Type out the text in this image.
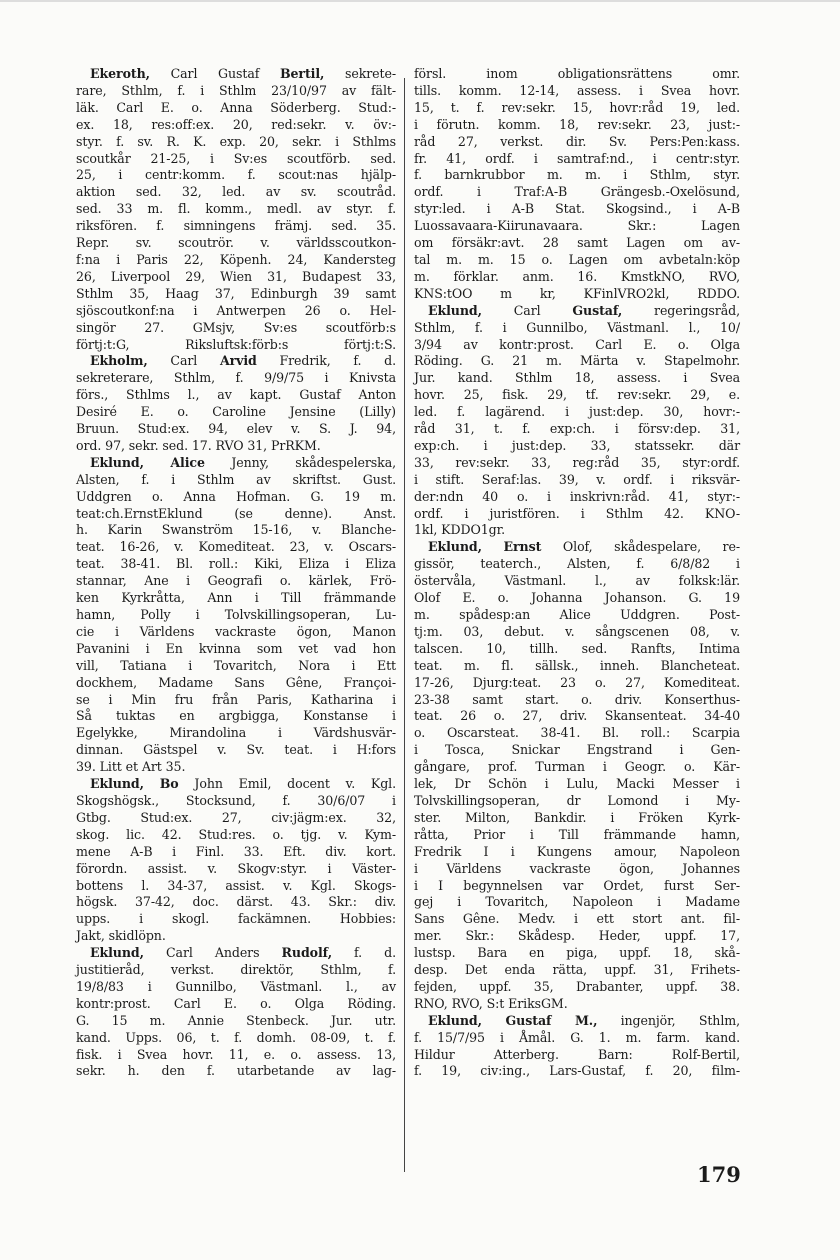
Ekeroth, Carl Gustaf Bertil, sekrete-
rare, Sthlm, f. i Sthlm 23/10/97 av fält-
läk. Carl E. o. Anna Söderberg. Stud:-
ex. 18, res:off:ex. 20, red:sekr. v. öv:-
styr. f. sv. R. K. exp. 20, sekr. i Sthlms
scoutkår 21-25, i Sv:es scoutförb. sed.
25, i centr:komm. f. scout:nas hjälp-
aktion sed. 32, led. av sv. scoutråd.
sed. 33 m. fl. komm., medl. av styr. f.
riksfören. f. simningens främj. sed. 35.
Repr. sv. scoutrör. v. världsscoutkon-
f:na i Paris 22, Köpenh. 24, Kandersteg
26, Liverpool 29, Wien 31, Budapest 33,
Sthlm 35, Haag 37, Edinburgh 39 samt
sjöscoutkonf:na i Antwerpen 26 o. Hel-
singör 27. GMsjv, Sv:es scoutförb:s
förtj:t:G, Riksluftsk:förb:s förtj:t:S.
Ekholm, Carl Arvid Fredrik, f. d.
sekreterare, Sthlm, f. 9/9/75 i Knivsta
förs., Sthlms l., av kapt. Gustaf Anton
Desiré E. o. Caroline Jensine (Lilly)
Bruun. Stud:ex. 94, elev v. S. J. 94,
ord. 97, sekr. sed. 17. RVO 31, PrRKM.
Eklund, Alice Jenny, skådespelerska,
Alsten, f. i Sthlm av skriftst. Gust.
Uddgren o. Anna Hofman. G. 19 m.
teat:ch.ErnstEklund (se denne). Anst.
h. Karin Swanström 15-16, v. Blanche-
teat. 16-26, v. Komediteat. 23, v. Oscars-
teat. 38-41. Bl. roll.: Kiki, Eliza i Eliza
stannar, Ane i Geografi o. kärlek, Frö-
ken Kyrkråtta, Ann i Till främmande
hamn, Polly i Tolvskillingsoperan, Lu-
cie i Världens vackraste ögon, Manon
Pavanini i En kvinna som vet vad hon
vill, Tatiana i Tovaritch, Nora i Ett
dockhem, Madame Sans Gêne, Françoi-
se i Min fru från Paris, Katharina i
Så tuktas en argbigga, Konstanse i
Egelykke, Mirandolina i Värdshusvär-
dinnan. Gästspel v. Sv. teat. i H:fors
39. Litt et Art 35.
Eklund, Bo John Emil, docent v. Kgl.
Skogshögsk., Stocksund, f. 30/6/07 i
Gtbg. Stud:ex. 27, civ:jägm:ex. 32,
skog. lic. 42. Stud:res. o. tjg. v. Kym-
mene A-B i Finl. 33. Eft. div. kort.
förordn. assist. v. Skogv:styr. i Väster-
bottens l. 34-37, assist. v. Kgl. Skogs-
högsk. 37-42, doc. därst. 43. Skr.: div.
upps. i skogl. fackämnen. Hobbies:
Jakt, skidlöpn.
Eklund, Carl Anders Rudolf, f. d.
justitieråd, verkst. direktör, Sthlm, f.
19/8/83 i Gunnilbo, Västmanl. l., av
kontr:prost. Carl E. o. Olga Röding.
G. 15 m. Annie Stenbeck. Jur. utr.
kand. Upps. 06, t. f. domh. 08-09, t. f.
fisk. i Svea hovr. 11, e. o. assess. 13,
sekr. h. den f. utarbetande av lag-
försl. inom obligationsrättens omr.
tills. komm. 12-14, assess. i Svea hovr.
15, t. f. rev:sekr. 15, hovr:råd 19, led.
i förutn. komm. 18, rev:sekr. 23, just:-
råd 27, verkst. dir. Sv. Pers:Pen:kass.
fr. 41, ordf. i samtraf:nd., i centr:styr.
f. barnkrubbor m. m. i Sthlm, styr.
ordf. i Traf:A-B Grängesb.-Oxelösund,
styr:led. i A-B Stat. Skogsind., i A-B
Luossavaara-Kiirunavaara. Skr.: Lagen
om försäkr:avt. 28 samt Lagen om av-
tal m. m. 15 o. Lagen om avbetaln:köp
m. förklar. anm. 16. KmstkNO, RVO,
KNS:tOO m kr, KFinlVRO2kl, RDDO.
Eklund, Carl Gustaf, regeringsråd,
Sthlm, f. i Gunnilbo, Västmanl. l., 10/
3/94 av kontr:prost. Carl E. o. Olga
Röding. G. 21 m. Märta v. Stapelmohr.
Jur. kand. Sthlm 18, assess. i Svea
hovr. 25, fisk. 29, tf. rev:sekr. 29, e.
led. f. lagärend. i just:dep. 30, hovr:-
råd 31, t. f. exp:ch. i försv:dep. 31,
exp:ch. i just:dep. 33, statssekr. där
33, rev:sekr. 33, reg:råd 35, styr:ordf.
i stift. Seraf:las. 39, v. ordf. i riksvär-
der:ndn 40 o. i inskrivn:råd. 41, styr:-
ordf. i juristfören. i Sthlm 42. KNO-
1kl, KDDO1gr.
Eklund, Ernst Olof, skådespelare, re-
gissör, teaterch., Alsten, f. 6/8/82 i
östervåla, Västmanl. l., av folksk:lär.
Olof E. o. Johanna Johanson. G. 19
m. spådesp:an Alice Uddgren. Post-
tj:m. 03, debut. v. sångscenen 08, v.
talscen. 10, tillh. sed. Ranfts, Intima
teat. m. fl. sällsk., inneh. Blancheteat.
17-26, Djurg:teat. 23 o. 27, Komediteat.
23-38 samt start. o. driv. Konserthus-
teat. 26 o. 27, driv. Skansenteat. 34-40
o. Oscarsteat. 38-41. Bl. roll.: Scarpia
i Tosca, Snickar Engstrand i Gen-
gångare, prof. Turman i Geogr. o. Kär-
lek, Dr Schön i Lulu, Macki Messer i
Tolvskillingsoperan, dr Lomond i My-
ster. Milton, Bankdir. i Fröken Kyrk-
råtta, Prior i Till främmande hamn,
Fredrik I i Kungens amour, Napoleon
i Världens vackraste ögon, Johannes
i I begynnelsen var Ordet, furst Ser-
gej i Tovaritch, Napoleon i Madame
Sans Gêne. Medv. i ett stort ant. fil-
mer. Skr.: Skådesp. Heder, uppf. 17,
lustsp. Bara en piga, uppf. 18, skå-
desp. Det enda rätta, uppf. 31, Frihets-
fejden, uppf. 35, Drabanter, uppf. 38.
RNO, RVO, S:t EriksGM.
Eklund, Gustaf M., ingenjör, Sthlm,
f. 15/7/95 i Åmål. G. 1. m. farm. kand.
Hildur Atterberg. Barn: Rolf-Bertil,
f. 19, civ:ing., Lars-Gustaf, f. 20, film-
179
